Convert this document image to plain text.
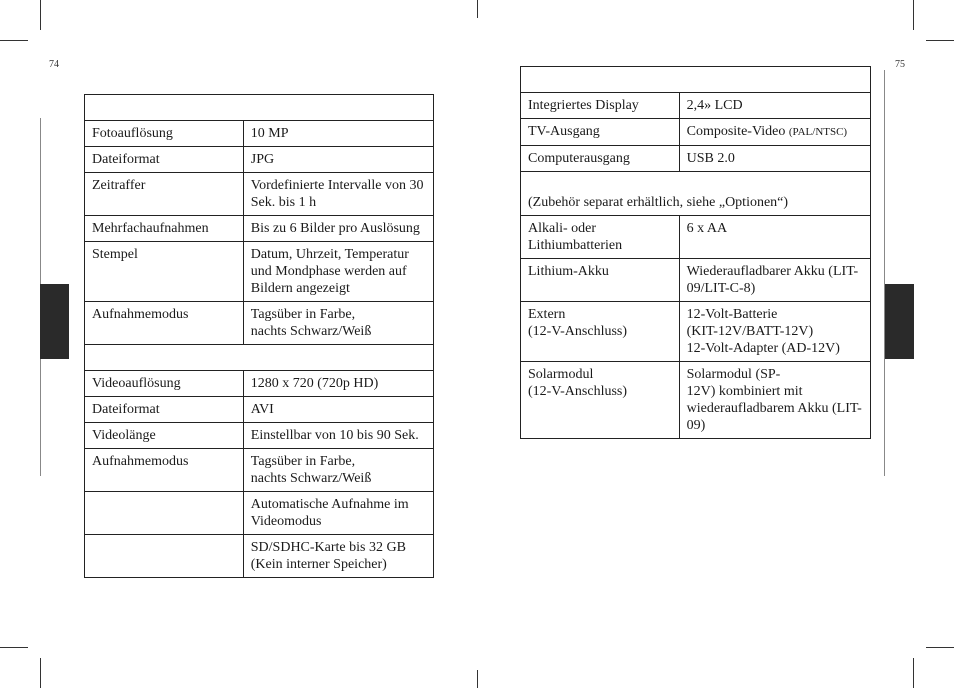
74	75

Fotoauflösung	10 MP
Dateiformat	JPG
Zeitraffer	Vordefinierte Intervalle von 30 Sek. bis 1 h
Mehrfachaufnahmen	Bis zu 6 Bilder pro Auslösung
Stempel	Datum, Uhrzeit, Temperatur und Mondphase werden auf Bildern angezeigt
Aufnahmemodus	Tagsüber in Farbe,
nachts Schwarz/Weiß

Videoauflösung	1280 x 720 (720p HD)
Dateiformat	AVI
Videolänge	Einstellbar von 10 bis 90 Sek.
Aufnahmemodus	Tagsüber in Farbe,
nachts Schwarz/Weiß
	Automatische Aufnahme im Videomodus
	SD/SDHC-Karte bis 32 GB (Kein interner Speicher)

Integriertes Display	2,4» LCD
TV-Ausgang	Composite-Video (PAL/NTSC)
Computerausgang	USB 2.0
(Zubehör separat erhältlich, siehe „Optionen“)	
Alkali- oder Lithiumbatterien	6 x AA
Lithium-Akku	Wiederaufladbarer Akku (LIT-09/LIT-C-8)
Extern
(12-V-Anschluss)	12-Volt-Batterie
(KIT-12V/BATT-12V)
12-Volt-Adapter (AD-12V)
Solarmodul
(12-V-Anschluss)	Solarmodul (SP-
12V) kombiniert mit wiederaufladbarem Akku (LIT-09)
